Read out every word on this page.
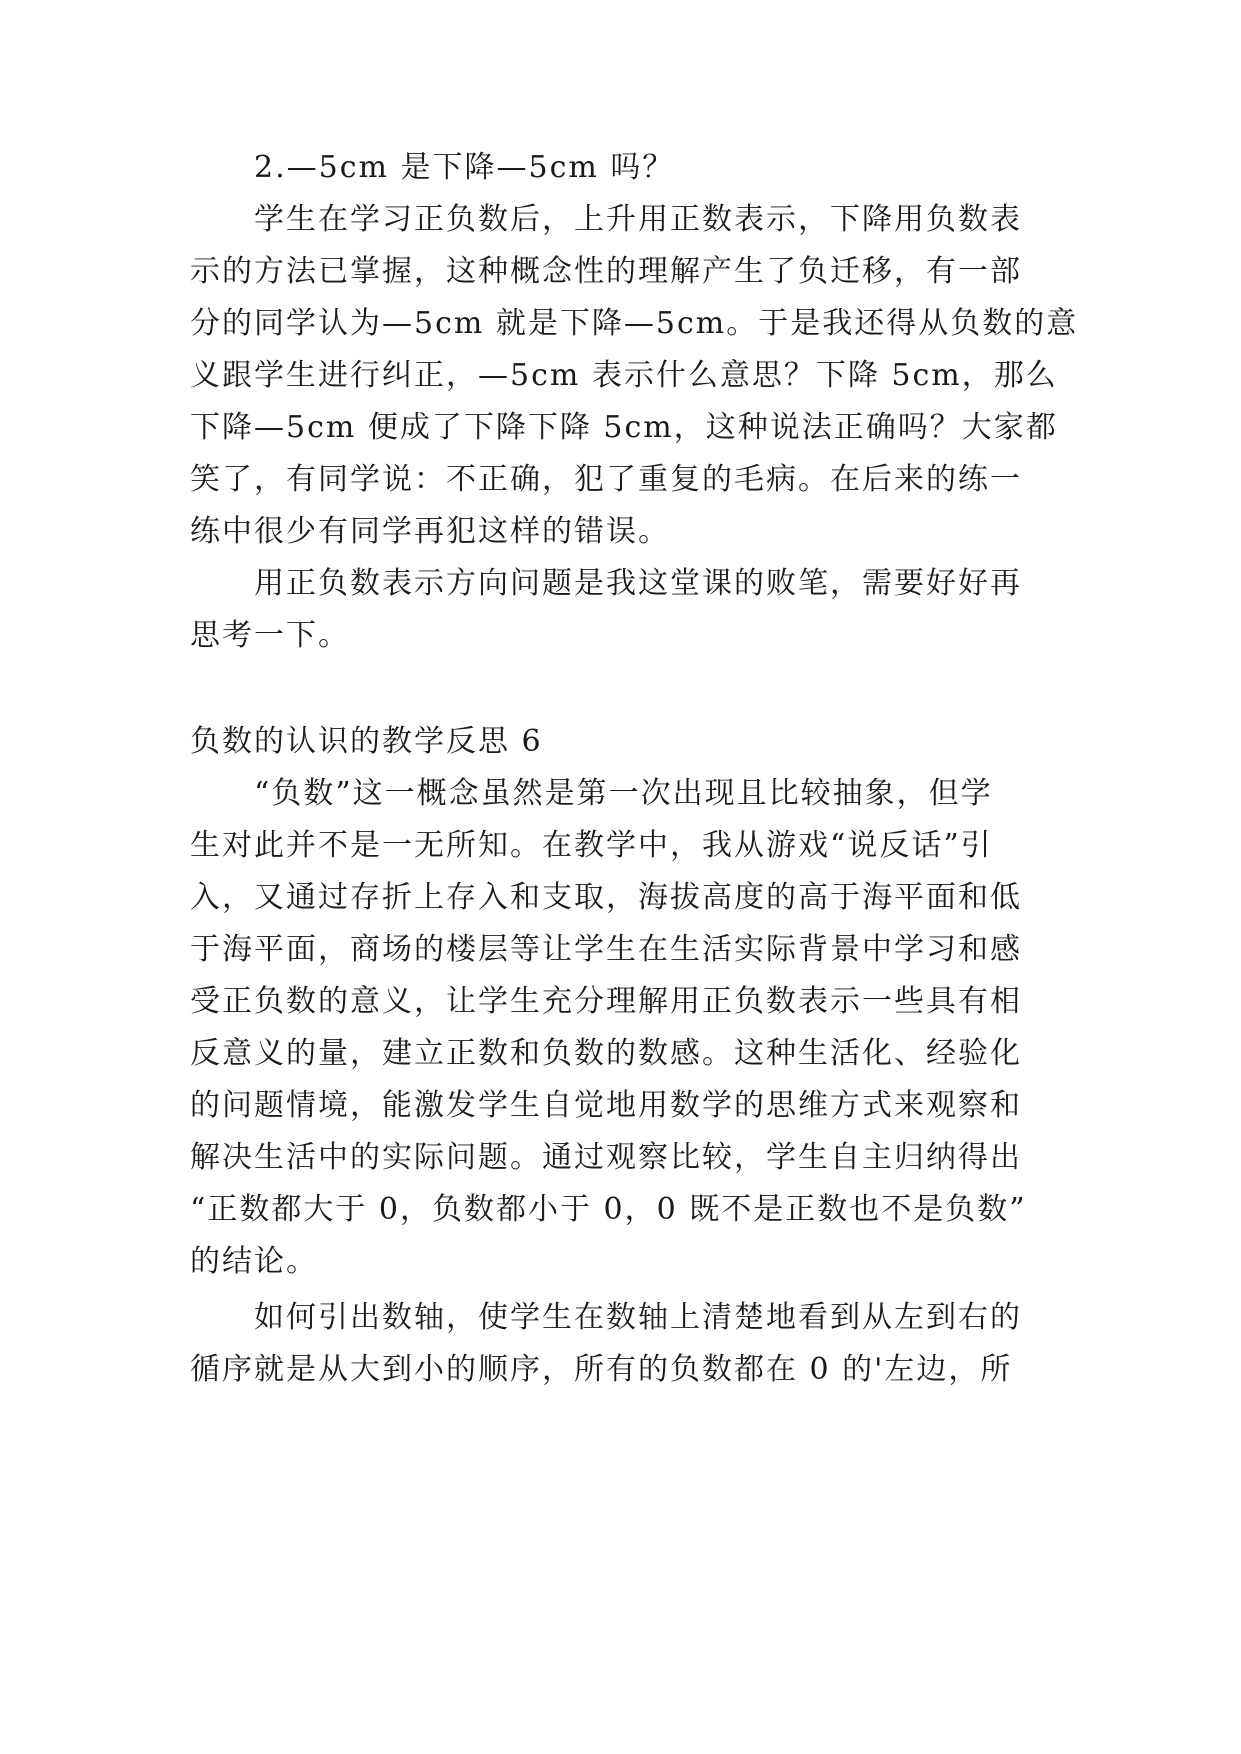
2.—5cm 是下降—5cm 吗？
学生在学习正负数后，上升用正数表示，下降用负数表
示的方法已掌握，这种概念性的理解产生了负迁移，有一部
分的同学认为—5cm 就是下降—5cm。于是我还得从负数的意
义跟学生进行纠正，—5cm 表示什么意思？下降 5cm，那么
下降—5cm 便成了下降下降 5cm，这种说法正确吗？大家都
笑了，有同学说：不正确，犯了重复的毛病。在后来的练一
练中很少有同学再犯这样的错误。
用正负数表示方向问题是我这堂课的败笔，需要好好再
思考一下。
负数的认识的教学反思 6
“负数”这一概念虽然是第一次出现且比较抽象，但学
生对此并不是一无所知。在教学中，我从游戏“说反话”引
入，又通过存折上存入和支取，海拔高度的高于海平面和低
于海平面，商场的楼层等让学生在生活实际背景中学习和感
受正负数的意义，让学生充分理解用正负数表示一些具有相
反意义的量，建立正数和负数的数感。这种生活化、经验化
的问题情境，能激发学生自觉地用数学的思维方式来观察和
解决生活中的实际问题。通过观察比较，学生自主归纳得出
“正数都大于 0，负数都小于 0，0 既不是正数也不是负数”
的结论。
如何引出数轴，使学生在数轴上清楚地看到从左到右的
循序就是从大到小的顺序，所有的负数都在 0 的'左边，所
